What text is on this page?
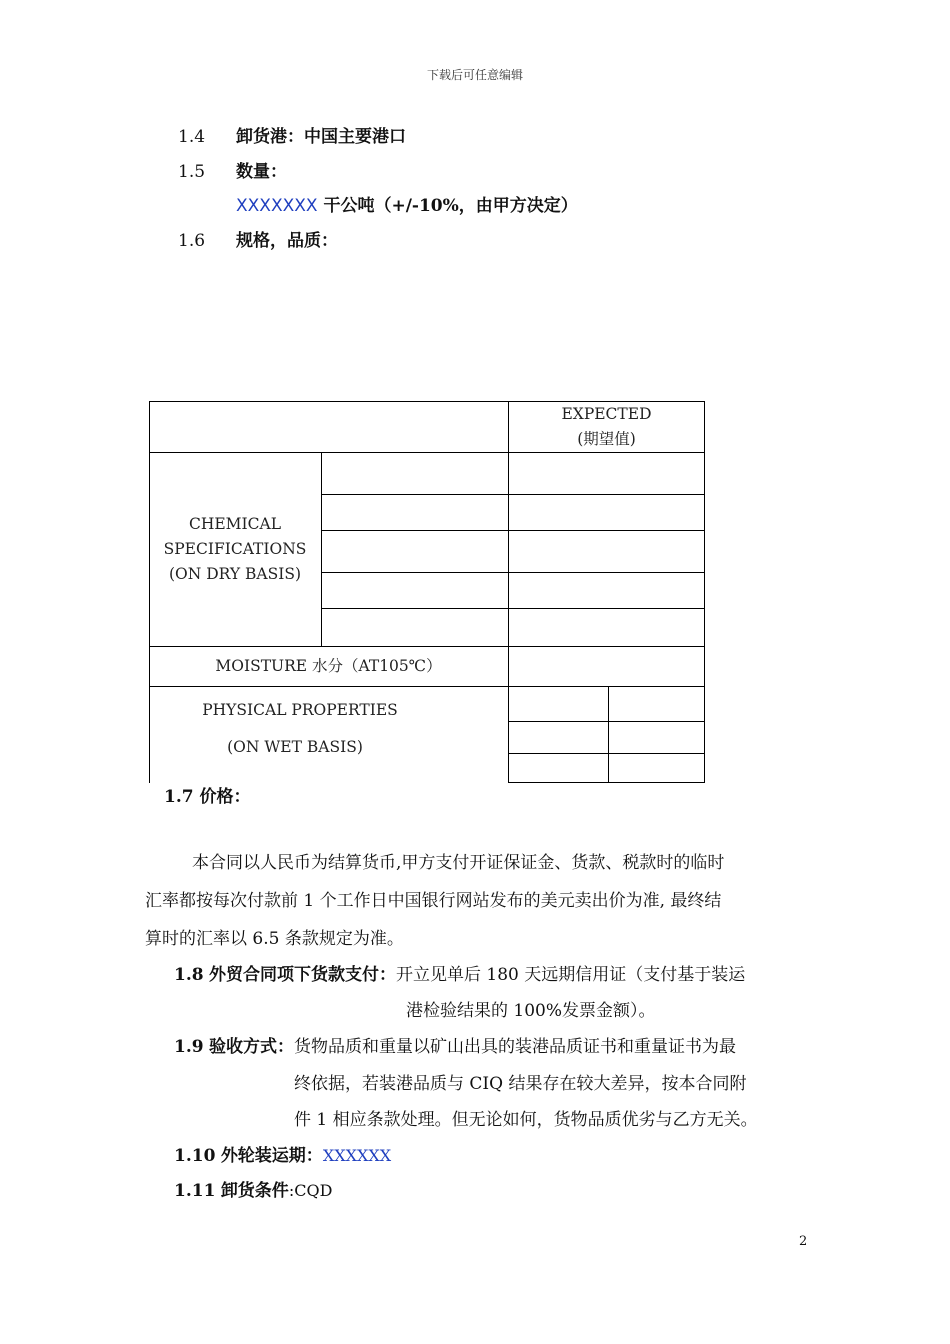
下载后可任意编辑
1.4 卸货港：中国主要港口
1.5 数量：
XXXXXXX 干公吨（+/-10%，由甲方决定）
1.6 规格，品质：
EXPECTED
(期望值)
CHEMICAL
SPECIFICATIONS
(ON DRY BASIS)
MOISTURE 水分（AT105℃）
PHYSICAL PROPERTIES
(ON WET BASIS)
1.7 价格：
本合同以人民币为结算货币,甲方支付开证保证金、货款、税款时的临时
汇率都按每次付款前 1 个工作日中国银行网站发布的美元卖出价为准, 最终结
算时的汇率以 6.5 条款规定为准。
1.8 外贸合同项下货款支付：开立见单后 180 天远期信用证（支付基于装运
港检验结果的 100%发票金额）。
1.9 验收方式：货物品质和重量以矿山出具的装港品质证书和重量证书为最
终依据，若装港品质与 CIQ 结果存在较大差异，按本合同附
件 1 相应条款处理。但无论如何，货物品质优劣与乙方无关。
1.10 外轮装运期：XXXXXX
1.11 卸货条件:CQD
2
